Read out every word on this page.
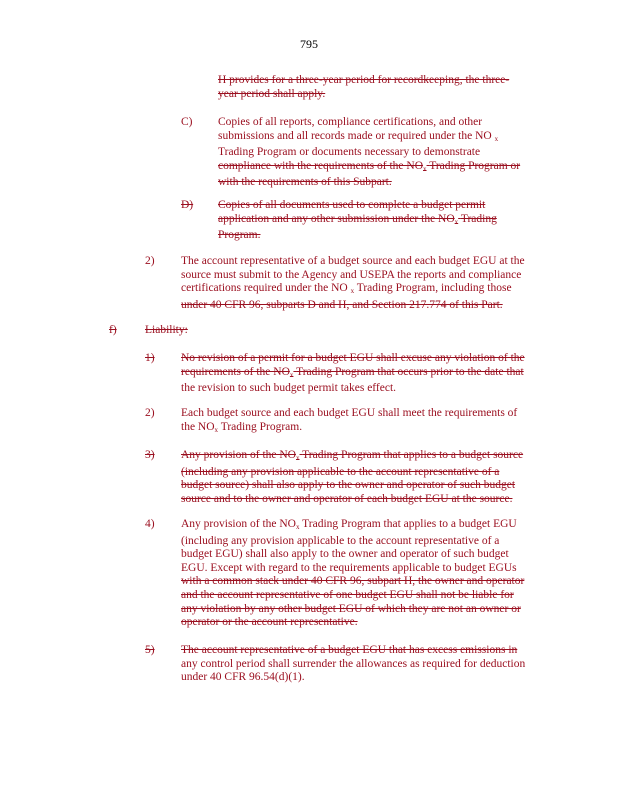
795
H provides for a three-year period for recordkeeping, the three-
year period shall apply.
C) Copies of all reports, compliance certifications, and other
submissions and all records made or required under the NO $_x$
Trading Program or documents necessary to demonstrate
compliance with the requirements of the $NO_x$ Trading Program or
with the requirements of this Subpart.
D) Copies of all documents used to complete a budget permit
application and any other submission under the $NO_x$ Trading
Program.
2) The account representative of a budget source and each budget EGU at the
source must submit to the Agency and USEPA the reports and compliance
certifications required under the NO $_x$ Trading Program, including those
under 40 CFR 96, subparts D and H, and Section 217.774 of this Part.
f) Liability:
1) No revision of a permit for a budget EGU shall excuse any violation of the
requirements of the $NO_x$ Trading Program that occurs prior to the date that
the revision to such budget permit takes effect.
2) Each budget source and each budget EGU shall meet the requirements of
the $NO_x$ Trading Program.
3) Any provision of the $NO_x$ Trading Program that applies to a budget source
(including any provision applicable to the account representative of a
budget source) shall also apply to the owner and operator of such budget
source and to the owner and operator of each budget EGU at the source.
4) Any provision of the $NO_x$ Trading Program that applies to a budget EGU
(including any provision applicable to the account representative of a
budget EGU) shall also apply to the owner and operator of such budget
EGU. Except with regard to the requirements applicable to budget EGUs
with a common stack under 40 CFR 96, subpart H, the owner and operator
and the account representative of one budget EGU shall not be liable for
any violation by any other budget EGU of which they are not an owner or
operator or the account representative.
5) The account representative of a budget EGU that has excess emissions in
any control period shall surrender the allowances as required for deduction
under 40 CFR 96.54(d)(1).
